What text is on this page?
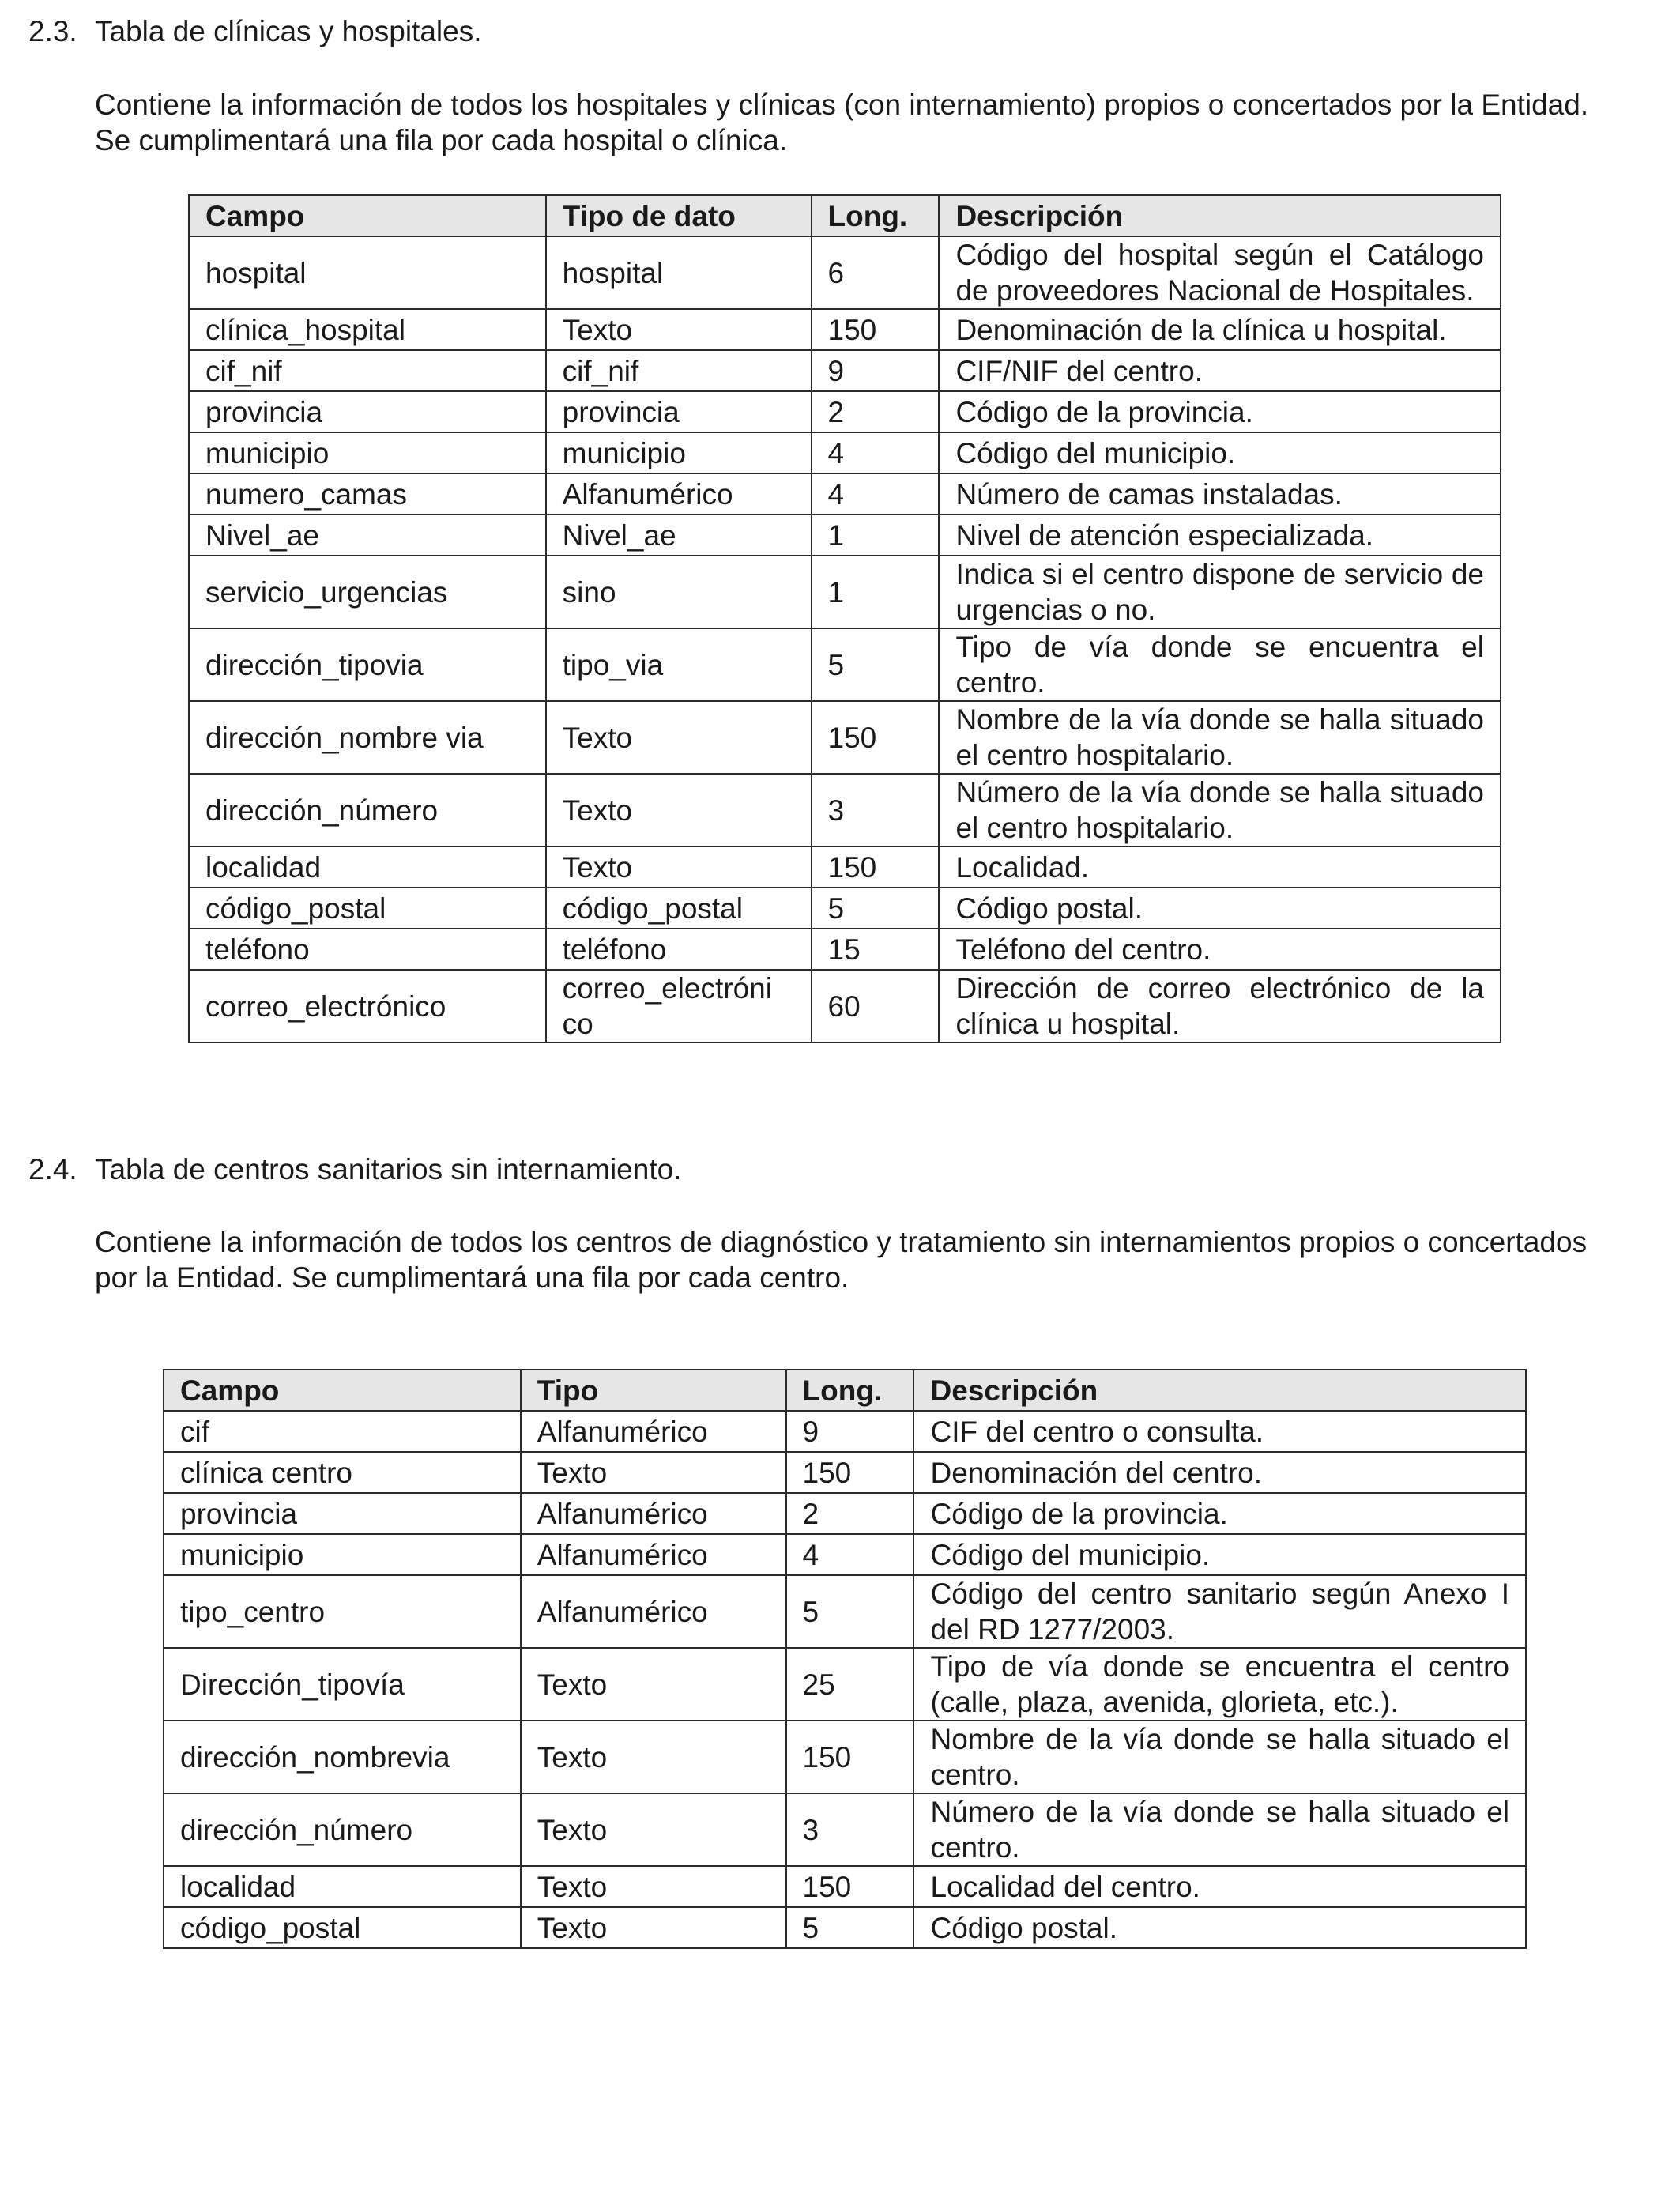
2.3. Tabla de clínicas y hospitales.

Contiene la información de todos los hospitales y clínicas (con internamiento) propios o concertados por la Entidad.

Se cumplimentará una fila por cada hospital o clínica.

Campo	Tipo de dato	Long.	Descripción
hospital	hospital	6	Código del hospital según el Catálogo de proveedores Nacional de Hospitales.
clínica_hospital	Texto	150	Denominación de la clínica u hospital.
cif_nif	cif_nif	9	CIF/NIF del centro.
provincia	provincia	2	Código de la provincia.
municipio	municipio	4	Código del municipio.
numero_camas	Alfanumérico	4	Número de camas instaladas.
Nivel_ae	Nivel_ae	1	Nivel de atención especializada.
servicio_urgencias	sino	1	Indica si el centro dispone de servicio de urgencias o no.
dirección_tipovia	tipo_via	5	Tipo de vía donde se encuentra el centro.
dirección_nombre via	Texto	150	Nombre de la vía donde se halla situado el centro hospitalario.
dirección_número	Texto	3	Número de la vía donde se halla situado el centro hospitalario.
localidad	Texto	150	Localidad.
código_postal	código_postal	5	Código postal.
teléfono	teléfono	15	Teléfono del centro.
correo_electrónico	correo_electróni co	60	Dirección de correo electrónico de la clínica u hospital.
2.4. Tabla de centros sanitarios sin internamiento.

Contiene la información de todos los centros de diagnóstico y tratamiento sin internamientos propios o concertados

por la Entidad. Se cumplimentará una fila por cada centro.

Campo	Tipo	Long.	Descripción
cif	Alfanumérico	9	CIF del centro o consulta.
clínica centro	Texto	150	Denominación del centro.
provincia	Alfanumérico	2	Código de la provincia.
municipio	Alfanumérico	4	Código del municipio.
tipo_centro	Alfanumérico	5	Código del centro sanitario según Anexo I del RD 1277/2003.
Dirección_tipovía	Texto	25	Tipo de vía donde se encuentra el centro (calle, plaza, avenida, glorieta, etc.).
dirección_nombrevia	Texto	150	Nombre de la vía donde se halla situado el centro.
dirección_número	Texto	3	Número de la vía donde se halla situado el centro.
localidad	Texto	150	Localidad del centro.
código_postal	Texto	5	Código postal.
